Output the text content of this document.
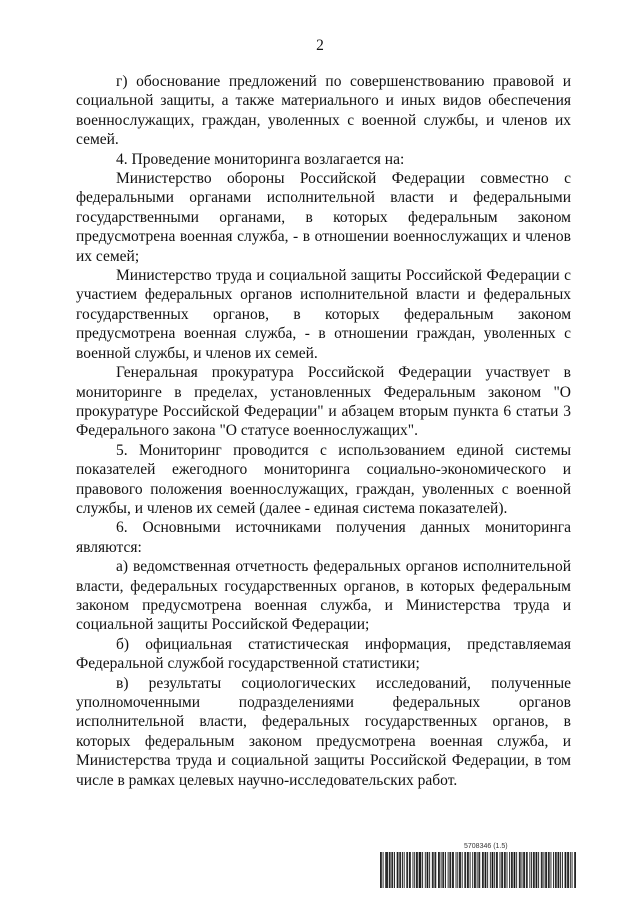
2

г) обоснование предложений по совершенствованию правовой и социальной защиты, а также материального и иных видов обеспечения военнослужащих, граждан, уволенных с военной службы, и членов их семей.

4. Проведение мониторинга возлагается на:

Министерство обороны Российской Федерации совместно с федеральными органами исполнительной власти и федеральными государственными органами, в которых федеральным законом предусмотрена военная служба, - в отношении военнослужащих и членов их семей;

Министерство труда и социальной защиты Российской Федерации с участием федеральных органов исполнительной власти и федеральных государственных органов, в которых федеральным законом предусмотрена военная служба, - в отношении граждан, уволенных с военной службы, и членов их семей.

Генеральная прокуратура Российской Федерации участвует в мониторинге в пределах, установленных Федеральным законом "О прокуратуре Российской Федерации" и абзацем вторым пункта 6 статьи 3 Федерального закона "О статусе военнослужащих".

5. Мониторинг проводится с использованием единой системы показателей ежегодного мониторинга социально-экономического и правового положения военнослужащих, граждан, уволенных с военной службы, и членов их семей (далее - единая система показателей).

6. Основными источниками получения данных мониторинга являются:

а) ведомственная отчетность федеральных органов исполнительной власти, федеральных государственных органов, в которых федеральным законом предусмотрена военная служба, и Министерства труда и социальной защиты Российской Федерации;

б) официальная статистическая информация, представляемая Федеральной службой государственной статистики;

в) результаты социологических исследований, полученные уполномоченными подразделениями федеральных органов исполнительной власти, федеральных государственных органов, в которых федеральным законом предусмотрена военная служба, и Министерства труда и социальной защиты Российской Федерации, в том числе в рамках целевых научно-исследовательских работ.

5708346 (1.5)
